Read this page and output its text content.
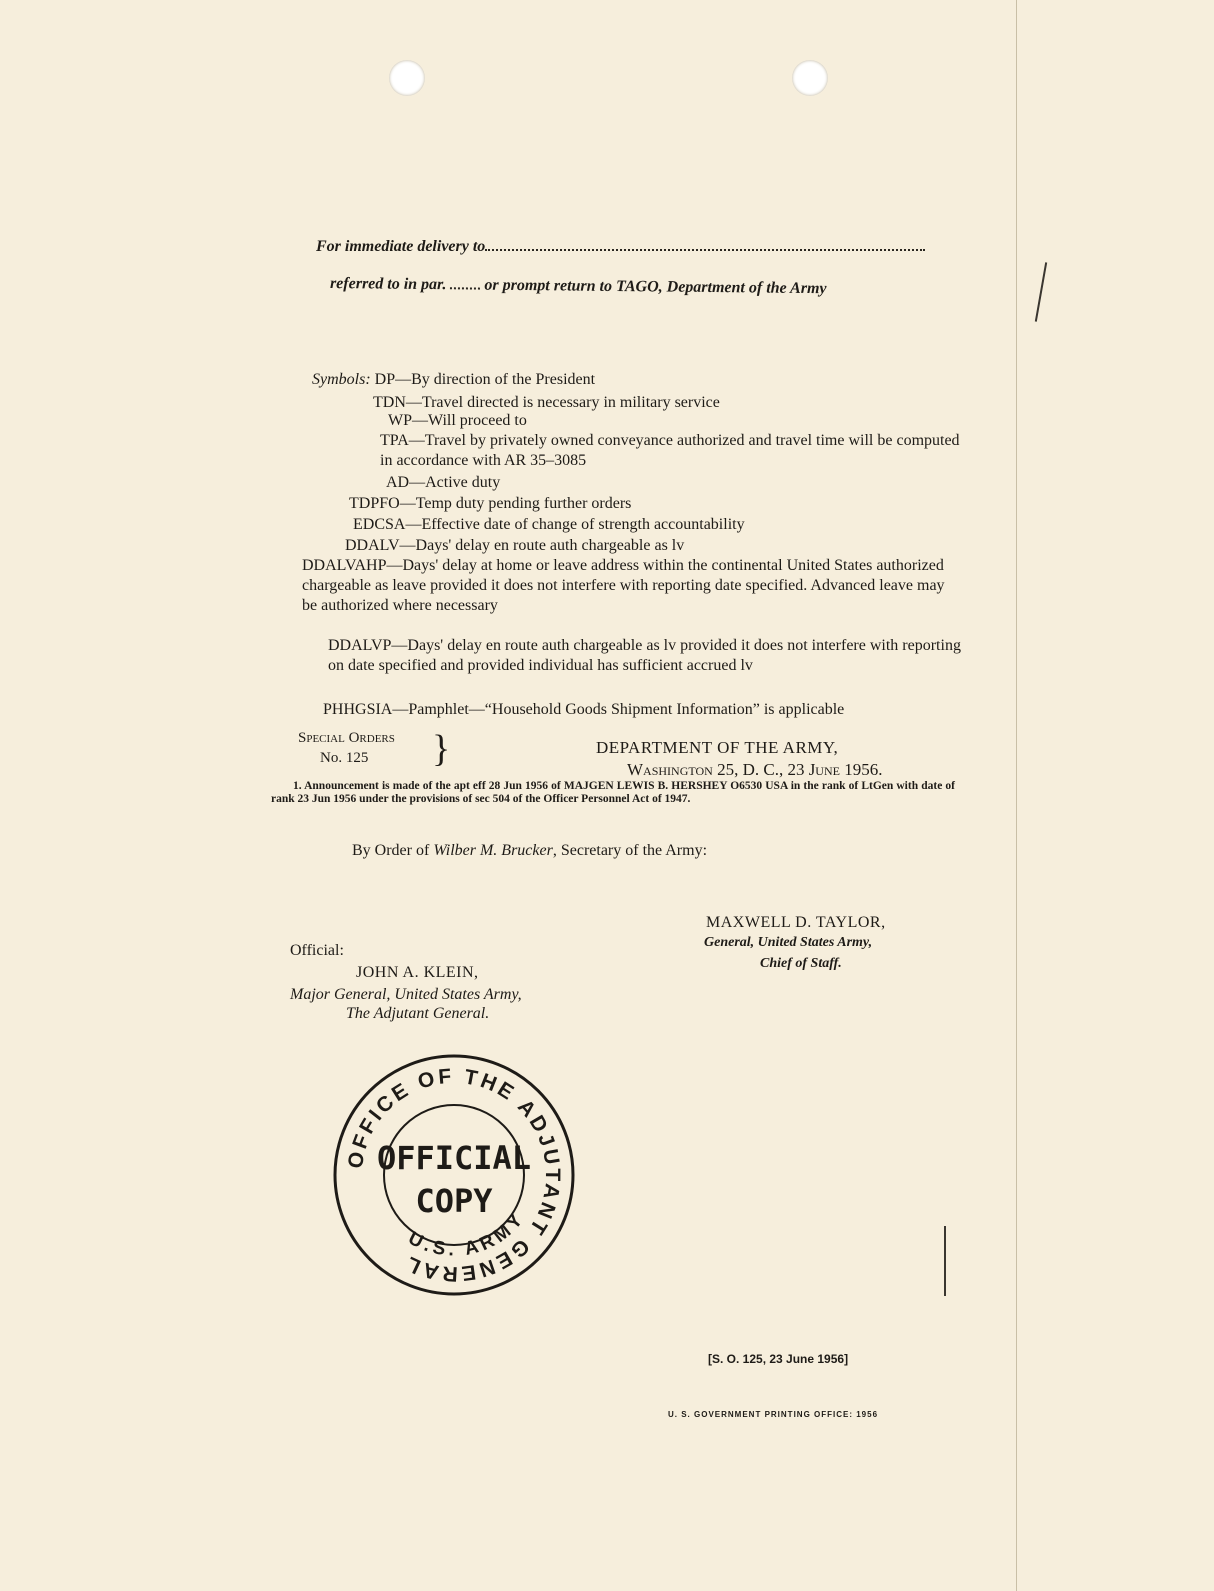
For immediate delivery to
referred to in par. or prompt return to TAGO, Department of the Army
Symbols: DP—By direction of the President
TDN—Travel directed is necessary in military service
WP—Will proceed to
TPA—Travel by privately owned conveyance authorized and travel time will be computed in accordance with AR 35–3085
AD—Active duty
TDPFO—Temp duty pending further orders
EDCSA—Effective date of change of strength accountability
DDALV—Days' delay en route auth chargeable as lv
DDALVAHP—Days' delay at home or leave address within the continental United States authorized chargeable as leave provided it does not interfere with reporting date specified. Advanced leave may be authorized where necessary
DDALVP—Days' delay en route auth chargeable as lv provided it does not interfere with reporting on date specified and provided individual has sufficient accrued lv
PHHGSIA—Pamphlet—“Household Goods Shipment Information” is applicable
Special Orders
No. 125 }	DEPARTMENT OF THE ARMY,
Washington 25, D. C., 23 June 1956.
1. Announcement is made of the apt eff 28 Jun 1956 of MAJGEN LEWIS B. HERSHEY O6530 USA in the rank of LtGen with date of rank 23 Jun 1956 under the provisions of sec 504 of the Officer Personnel Act of 1947.
By Order of Wilber M. Brucker, Secretary of the Army:
MAXWELL D. TAYLOR,
General, United States Army,
Chief of Staff.
Official:
JOHN A. KLEIN,
Major General, United States Army,
The Adjutant General.
OFFICE OF THE ADJUTANT GENERAL
U.S. ARMY
OFFICIAL
COPY
[S. O. 125, 23 June 1956]
U. S. GOVERNMENT PRINTING OFFICE: 1956
